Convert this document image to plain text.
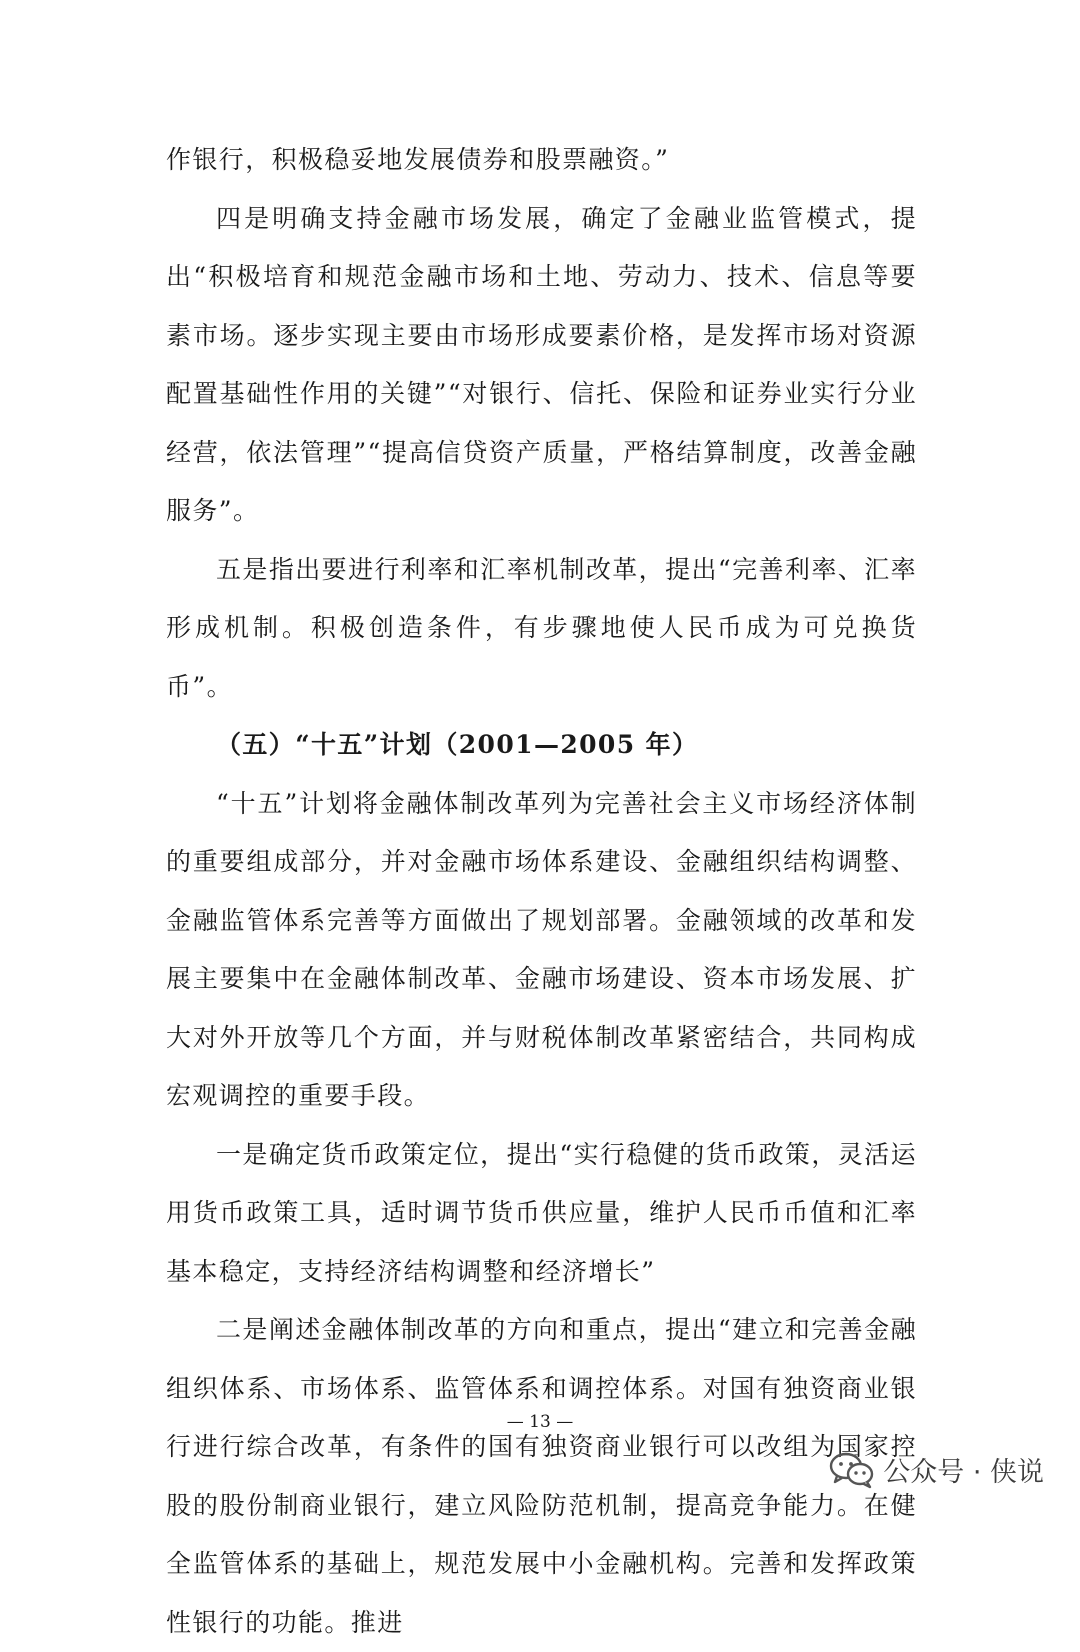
作银行，积极稳妥地发展债券和股票融资。”

四是明确支持金融市场发展，确定了金融业监管模式，提出“积极培育和规范金融市场和土地、劳动力、技术、信息等要素市场。逐步实现主要由市场形成要素价格，是发挥市场对资源配置基础性作用的关键”“对银行、信托、保险和证券业实行分业经营，依法管理”“提高信贷资产质量，严格结算制度，改善金融服务”。

五是指出要进行利率和汇率机制改革，提出“完善利率、汇率形成机制。积极创造条件，有步骤地使人民币成为可兑换货币”。

（五）“十五”计划（2001—2005 年）

“十五”计划将金融体制改革列为完善社会主义市场经济体制的重要组成部分，并对金融市场体系建设、金融组织结构调整、金融监管体系完善等方面做出了规划部署。金融领域的改革和发展主要集中在金融体制改革、金融市场建设、资本市场发展、扩大对外开放等几个方面，并与财税体制改革紧密结合，共同构成宏观调控的重要手段。

一是确定货币政策定位，提出“实行稳健的货币政策，灵活运用货币政策工具，适时调节货币供应量，维护人民币币值和汇率基本稳定，支持经济结构调整和经济增长”

二是阐述金融体制改革的方向和重点，提出“建立和完善金融组织体系、市场体系、监管体系和调控体系。对国有独资商业银行进行综合改革，有条件的国有独资商业银行可以改组为国家控股的股份制商业银行，建立风险防范机制，提高竞争能力。在健全监管体系的基础上，规范发展中小金融机构。完善和发挥政策性银行的功能。推进

— 13 —
公众号 · 侠说
